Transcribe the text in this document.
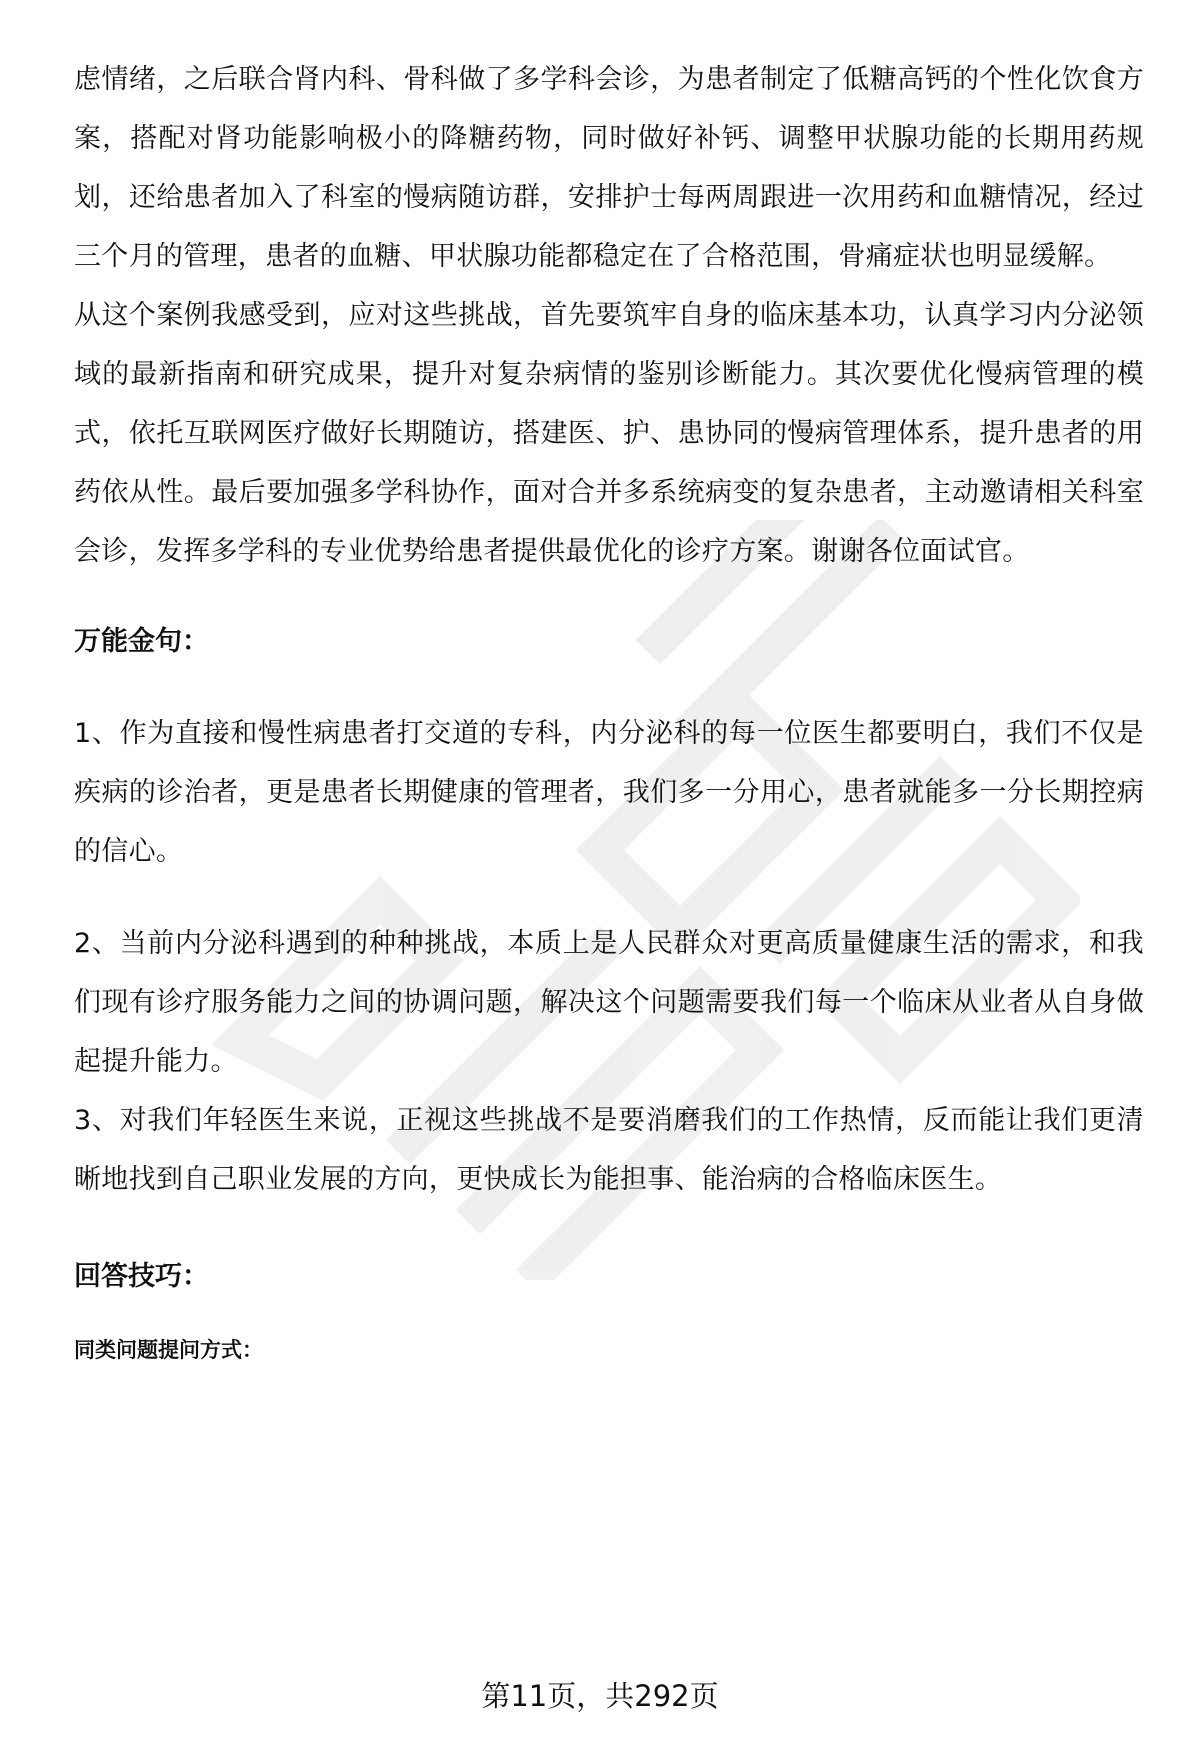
虑情绪，之后联合肾内科、骨科做了多学科会诊，为患者制定了低糖高钙的个性化饮食方案，搭配对肾功能影响极小的降糖药物，同时做好补钙、调整甲状腺功能的长期用药规划，还给患者加入了科室的慢病随访群，安排护士每两周跟进一次用药和血糖情况，经过三个月的管理，患者的血糖、甲状腺功能都稳定在了合格范围，骨痛症状也明显缓解。

从这个案例我感受到，应对这些挑战，首先要筑牢自身的临床基本功，认真学习内分泌领域的最新指南和研究成果，提升对复杂病情的鉴别诊断能力。其次要优化慢病管理的模式，依托互联网医疗做好长期随访，搭建医、护、患协同的慢病管理体系，提升患者的用药依从性。最后要加强多学科协作，面对合并多系统病变的复杂患者，主动邀请相关科室会诊，发挥多学科的专业优势给患者提供最优化的诊疗方案。谢谢各位面试官。

万能金句：

1、作为直接和慢性病患者打交道的专科，内分泌科的每一位医生都要明白，我们不仅是疾病的诊治者，更是患者长期健康的管理者，我们多一分用心，患者就能多一分长期控病的信心。

2、当前内分泌科遇到的种种挑战，本质上是人民群众对更高质量健康生活的需求，和我们现有诊疗服务能力之间的协调问题，解决这个问题需要我们每一个临床从业者从自身做起提升能力。

3、对我们年轻医生来说，正视这些挑战不是要消磨我们的工作热情，反而能让我们更清晰地找到自己职业发展的方向，更快成长为能担事、能治病的合格临床医生。

回答技巧：

同类问题提问方式：

第11页，共292页
